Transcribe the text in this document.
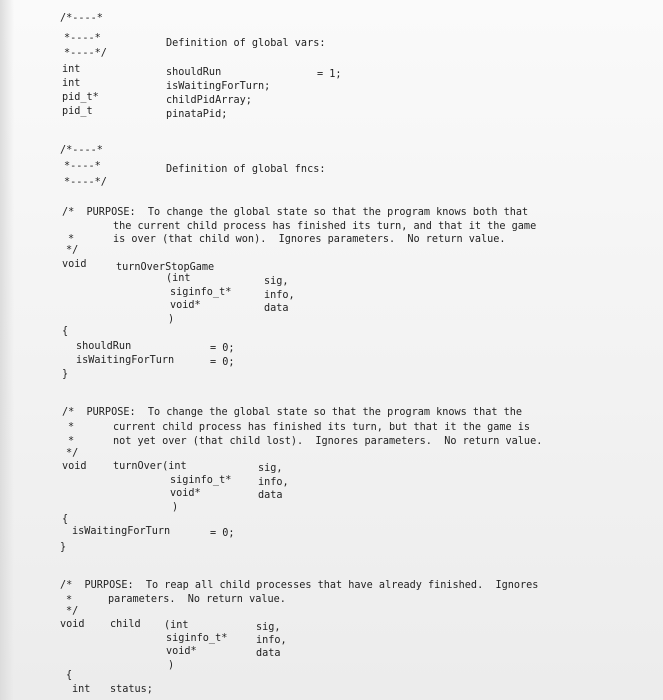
/*----*
*----*	Definition of global vars:
*----*/
int	shouldRun	= 1;
int	isWaitingForTurn;
pid_t*	childPidArray;
pid_t	pinataPid;
/*----*
*----*	Definition of global fncs:
*----*/
/*  PURPOSE:  To change the global state so that the program knows both that
the current child process has finished its turn, and that it the game
*	is over (that child won).  Ignores parameters.  No return value.
*/
void	turnOverStopGame
(int	sig,
siginfo_t*	info,
void*	data
)
{
shouldRun	= 0;
isWaitingForTurn	= 0;
}
/*  PURPOSE:  To change the global state so that the program knows that the
*	current child process has finished its turn, but that it the game is
*	not yet over (that child lost).  Ignores parameters.  No return value.
*/
void	turnOver(int	sig,
siginfo_t*	info,
void*	data
)
{
isWaitingForTurn	= 0;
}
/*  PURPOSE:  To reap all child processes that have already finished.  Ignores
*	parameters.  No return value.
*/
void child (int	sig,
siginfo_t*	info,
void*	data
)
{
int status;
